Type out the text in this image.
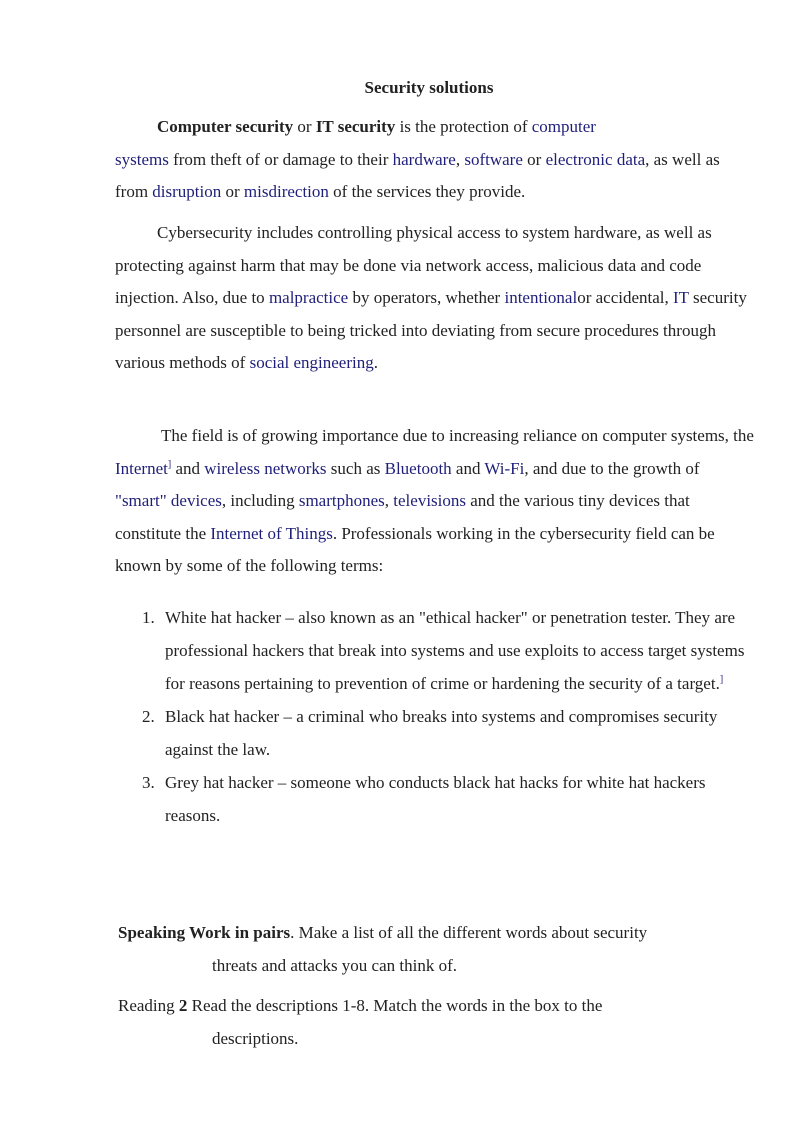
Security solutions

Computer security or IT security is the protection of computer
systems from theft of or damage to their hardware, software or electronic data, as well as from disruption or misdirection of the services they provide.

Cybersecurity includes controlling physical access to system hardware, as well as protecting against harm that may be done via network access, malicious data and code injection. Also, due to malpractice by operators, whether intentionalor accidental, IT security personnel are susceptible to being tricked into deviating from secure procedures through various methods of social engineering.

The field is of growing importance due to increasing reliance on computer systems, the Internet] and wireless networks such as Bluetooth and Wi-Fi, and due to the growth of "smart" devices, including smartphones, televisions and the various tiny devices that constitute the Internet of Things. Professionals working in the cybersecurity field can be known by some of the following terms:

1. White hat hacker – also known as an "ethical hacker" or penetration tester. They are professional hackers that break into systems and use exploits to access target systems for reasons pertaining to prevention of crime or hardening the security of a target.]
2. Black hat hacker – a criminal who breaks into systems and compromises security against the law.
3. Grey hat hacker – someone who conducts black hat hacks for white hat hackers reasons.

Speaking Work in pairs. Make a list of all the different words about security
threats and attacks you can think of.

Reading 2 Read the descriptions 1-8. Match the words in the box to the
descriptions.
